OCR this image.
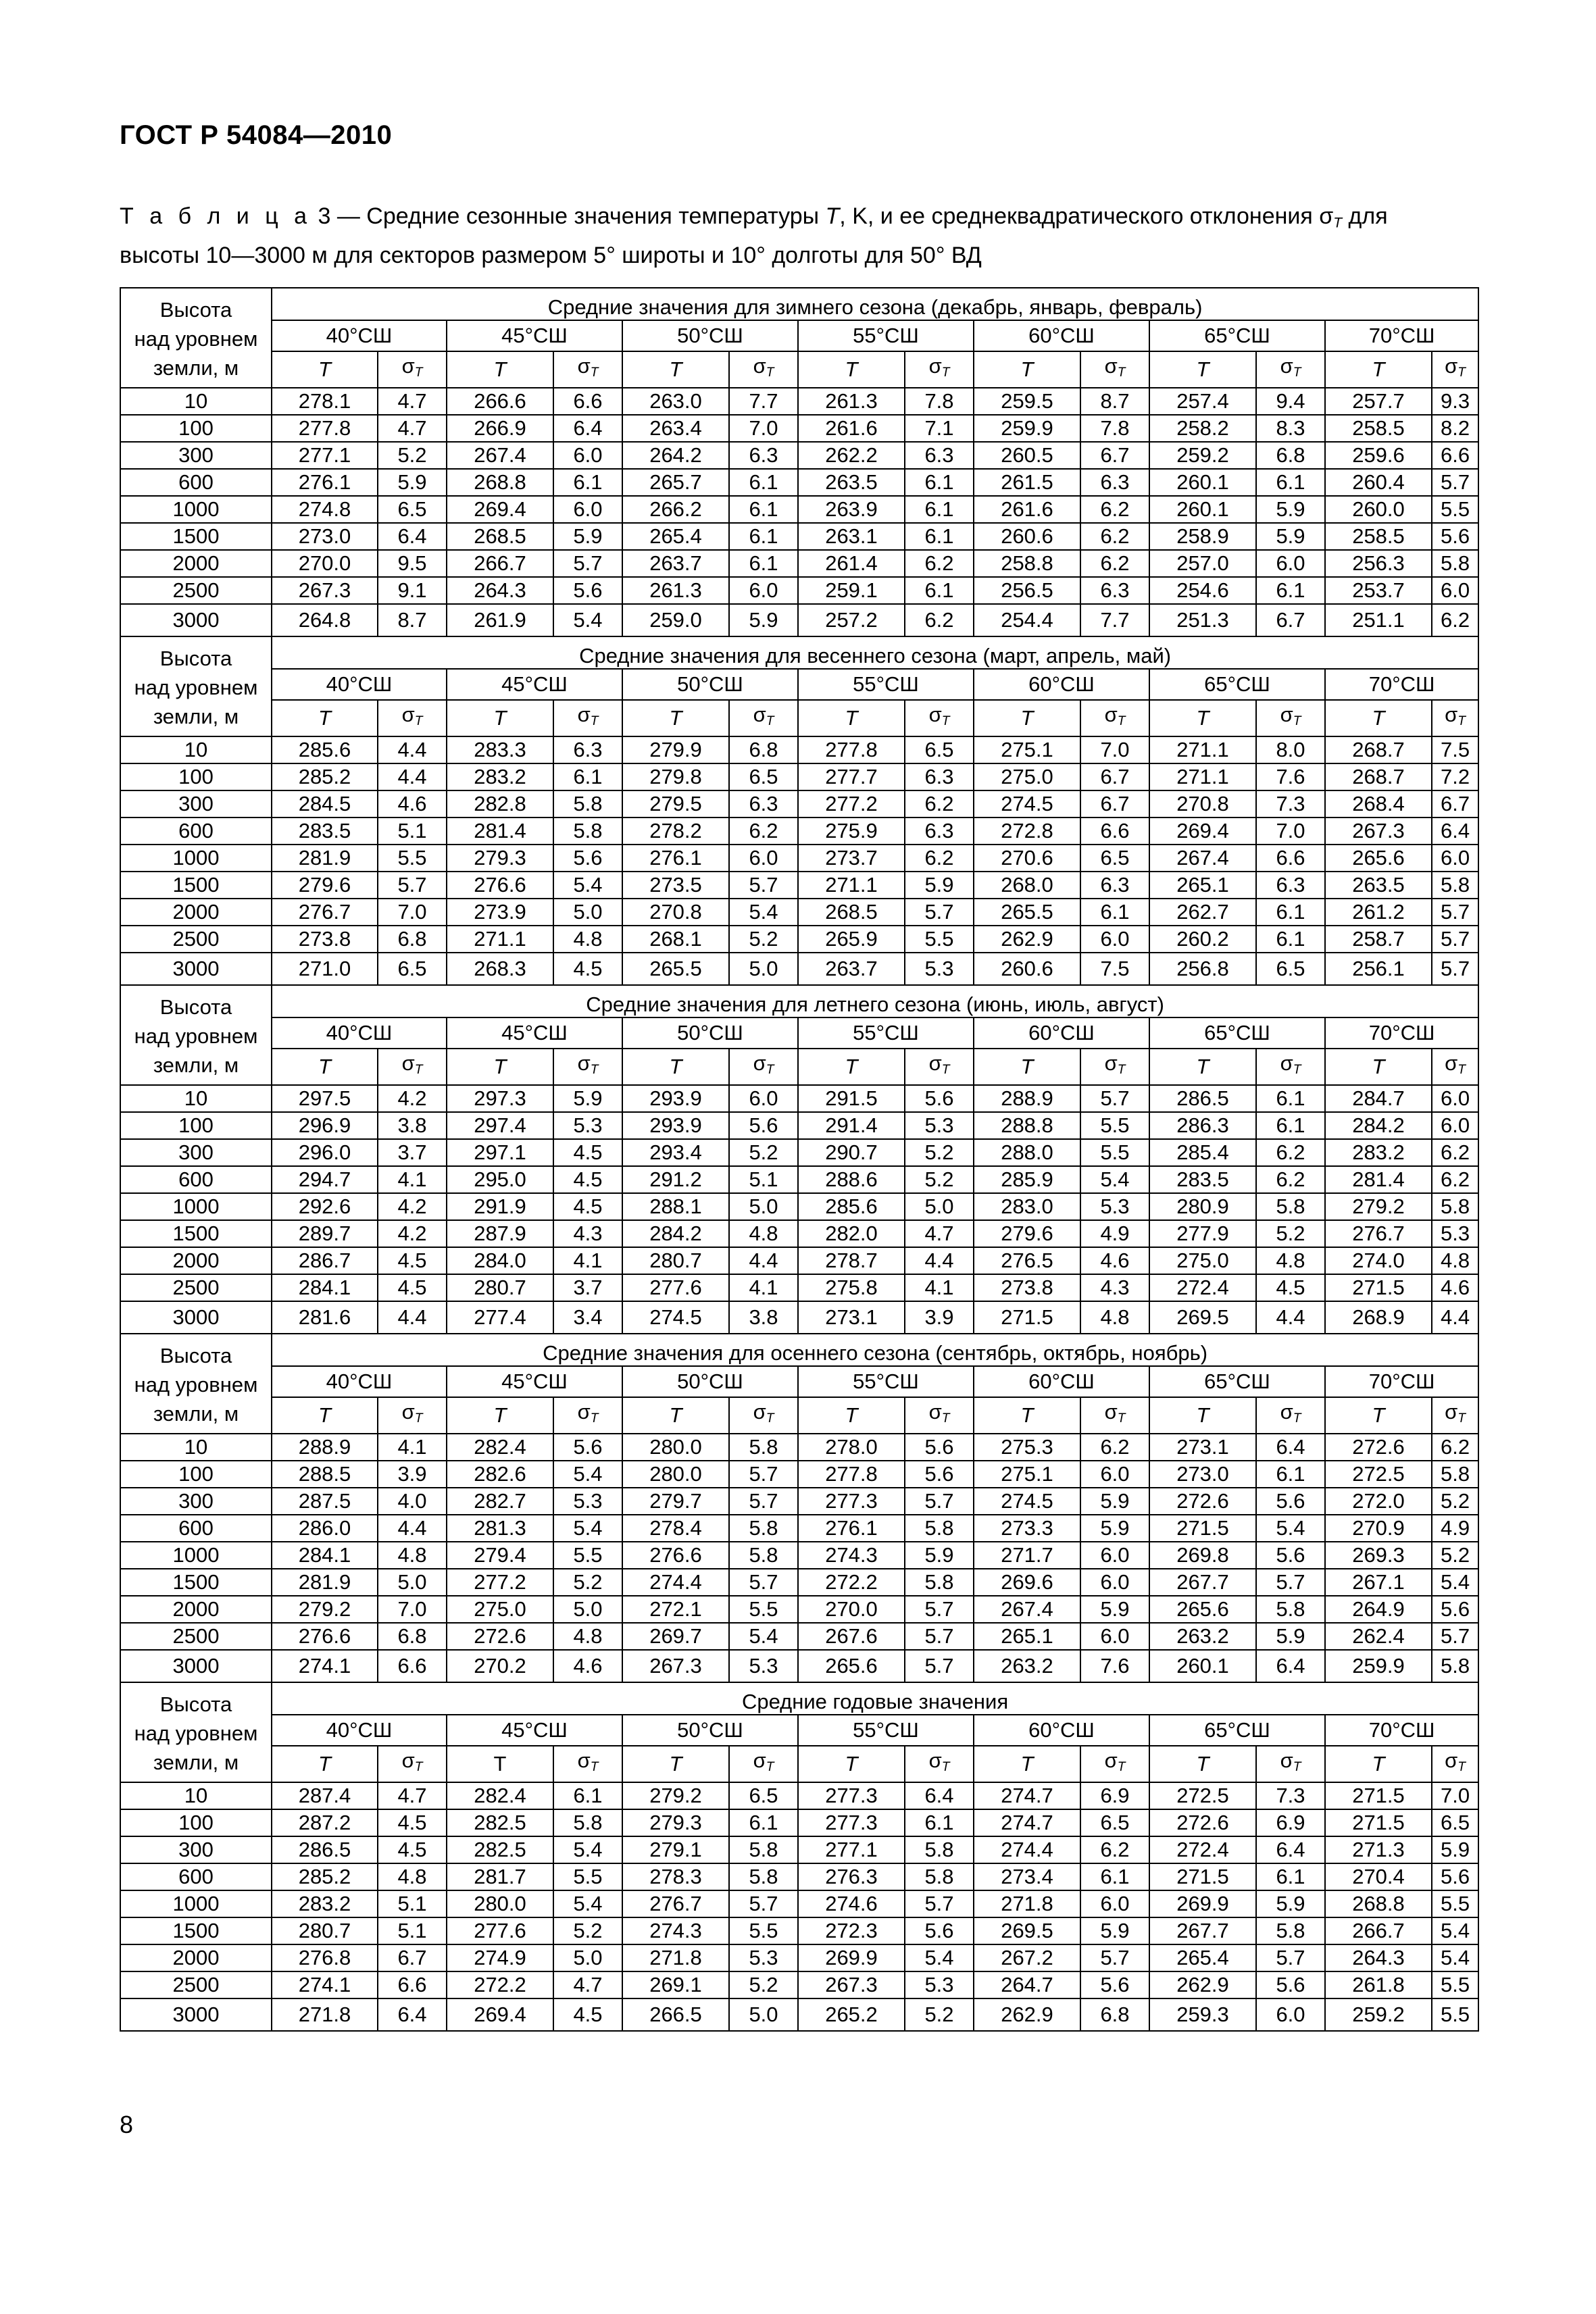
ГОСТ Р 54084—2010
Т а б л и ц а 3 — Средние сезонные значения температуры T, K, и ее среднеквадратического отклонения $\sigma_T$ для
высоты 10—3000 м для секторов размером 5° широты и 10° долготы для 50° ВД
Высота
над уровнем
земли, м	Средние значения для зимнего сезона (декабрь, январь, февраль)													
	40°СШ		45°СШ		50°СШ		55°СШ		60°СШ		65°СШ		70°СШ	
	T	$\sigma_T$	T	$\sigma_T$	T	$\sigma_T$	T	$\sigma_T$	T	$\sigma_T$	T	$\sigma_T$	T	$\sigma_T$
10	278.1	4.7	266.6	6.6	263.0	7.7	261.3	7.8	259.5	8.7	257.4	9.4	257.7	9.3
100	277.8	4.7	266.9	6.4	263.4	7.0	261.6	7.1	259.9	7.8	258.2	8.3	258.5	8.2
300	277.1	5.2	267.4	6.0	264.2	6.3	262.2	6.3	260.5	6.7	259.2	6.8	259.6	6.6
600	276.1	5.9	268.8	6.1	265.7	6.1	263.5	6.1	261.5	6.3	260.1	6.1	260.4	5.7
1000	274.8	6.5	269.4	6.0	266.2	6.1	263.9	6.1	261.6	6.2	260.1	5.9	260.0	5.5
1500	273.0	6.4	268.5	5.9	265.4	6.1	263.1	6.1	260.6	6.2	258.9	5.9	258.5	5.6
2000	270.0	9.5	266.7	5.7	263.7	6.1	261.4	6.2	258.8	6.2	257.0	6.0	256.3	5.8
2500	267.3	9.1	264.3	5.6	261.3	6.0	259.1	6.1	256.5	6.3	254.6	6.1	253.7	6.0
3000	264.8	8.7	261.9	5.4	259.0	5.9	257.2	6.2	254.4	7.7	251.3	6.7	251.1	6.2

Высота
над уровнем
земли, м	Средние значения для весеннего сезона (март, апрель, май)													
	40°СШ		45°СШ		50°СШ		55°СШ		60°СШ		65°СШ		70°СШ	
	T	$\sigma_T$	T	$\sigma_T$	T	$\sigma_T$	T	$\sigma_T$	T	$\sigma_T$	T	$\sigma_T$	T	$\sigma_T$
10	285.6	4.4	283.3	6.3	279.9	6.8	277.8	6.5	275.1	7.0	271.1	8.0	268.7	7.5
100	285.2	4.4	283.2	6.1	279.8	6.5	277.7	6.3	275.0	6.7	271.1	7.6	268.7	7.2
300	284.5	4.6	282.8	5.8	279.5	6.3	277.2	6.2	274.5	6.7	270.8	7.3	268.4	6.7
600	283.5	5.1	281.4	5.8	278.2	6.2	275.9	6.3	272.8	6.6	269.4	7.0	267.3	6.4
1000	281.9	5.5	279.3	5.6	276.1	6.0	273.7	6.2	270.6	6.5	267.4	6.6	265.6	6.0
1500	279.6	5.7	276.6	5.4	273.5	5.7	271.1	5.9	268.0	6.3	265.1	6.3	263.5	5.8
2000	276.7	7.0	273.9	5.0	270.8	5.4	268.5	5.7	265.5	6.1	262.7	6.1	261.2	5.7
2500	273.8	6.8	271.1	4.8	268.1	5.2	265.9	5.5	262.9	6.0	260.2	6.1	258.7	5.7
3000	271.0	6.5	268.3	4.5	265.5	5.0	263.7	5.3	260.6	7.5	256.8	6.5	256.1	5.7

Высота
над уровнем
земли, м	Средние значения для летнего сезона (июнь, июль, август)													
	40°СШ		45°СШ		50°СШ		55°СШ		60°СШ		65°СШ		70°СШ	
	T	$\sigma_T$	T	$\sigma_T$	T	$\sigma_T$	T	$\sigma_T$	T	$\sigma_T$	T	$\sigma_T$	T	$\sigma_T$
10	297.5	4.2	297.3	5.9	293.9	6.0	291.5	5.6	288.9	5.7	286.5	6.1	284.7	6.0
100	296.9	3.8	297.4	5.3	293.9	5.6	291.4	5.3	288.8	5.5	286.3	6.1	284.2	6.0
300	296.0	3.7	297.1	4.5	293.4	5.2	290.7	5.2	288.0	5.5	285.4	6.2	283.2	6.2
600	294.7	4.1	295.0	4.5	291.2	5.1	288.6	5.2	285.9	5.4	283.5	6.2	281.4	6.2
1000	292.6	4.2	291.9	4.5	288.1	5.0	285.6	5.0	283.0	5.3	280.9	5.8	279.2	5.8
1500	289.7	4.2	287.9	4.3	284.2	4.8	282.0	4.7	279.6	4.9	277.9	5.2	276.7	5.3
2000	286.7	4.5	284.0	4.1	280.7	4.4	278.7	4.4	276.5	4.6	275.0	4.8	274.0	4.8
2500	284.1	4.5	280.7	3.7	277.6	4.1	275.8	4.1	273.8	4.3	272.4	4.5	271.5	4.6
3000	281.6	4.4	277.4	3.4	274.5	3.8	273.1	3.9	271.5	4.8	269.5	4.4	268.9	4.4

Высота
над уровнем
земли, м	Средние значения для осеннего сезона (сентябрь, октябрь, ноябрь)													
	40°СШ		45°СШ		50°СШ		55°СШ		60°СШ		65°СШ		70°СШ	
	T	$\sigma_T$	T	$\sigma_T$	T	$\sigma_T$	T	$\sigma_T$	T	$\sigma_T$	T	$\sigma_T$	T	$\sigma_T$
10	288.9	4.1	282.4	5.6	280.0	5.8	278.0	5.6	275.3	6.2	273.1	6.4	272.6	6.2
100	288.5	3.9	282.6	5.4	280.0	5.7	277.8	5.6	275.1	6.0	273.0	6.1	272.5	5.8
300	287.5	4.0	282.7	5.3	279.7	5.7	277.3	5.7	274.5	5.9	272.6	5.6	272.0	5.2
600	286.0	4.4	281.3	5.4	278.4	5.8	276.1	5.8	273.3	5.9	271.5	5.4	270.9	4.9
1000	284.1	4.8	279.4	5.5	276.6	5.8	274.3	5.9	271.7	6.0	269.8	5.6	269.3	5.2
1500	281.9	5.0	277.2	5.2	274.4	5.7	272.2	5.8	269.6	6.0	267.7	5.7	267.1	5.4
2000	279.2	7.0	275.0	5.0	272.1	5.5	270.0	5.7	267.4	5.9	265.6	5.8	264.9	5.6
2500	276.6	6.8	272.6	4.8	269.7	5.4	267.6	5.7	265.1	6.0	263.2	5.9	262.4	5.7
3000	274.1	6.6	270.2	4.6	267.3	5.3	265.6	5.7	263.2	7.6	260.1	6.4	259.9	5.8

Высота
над уровнем
земли, м	Средние годовые значения													
	40°СШ		45°СШ		50°СШ		55°СШ		60°СШ		65°СШ		70°СШ	
	T	$\sigma_T$	Т	$\sigma_T$	T	$\sigma_T$	T	$\sigma_T$	T	$\sigma_T$	T	$\sigma_T$	T	$\sigma_T$
10	287.4	4.7	282.4	6.1	279.2	6.5	277.3	6.4	274.7	6.9	272.5	7.3	271.5	7.0
100	287.2	4.5	282.5	5.8	279.3	6.1	277.3	6.1	274.7	6.5	272.6	6.9	271.5	6.5
300	286.5	4.5	282.5	5.4	279.1	5.8	277.1	5.8	274.4	6.2	272.4	6.4	271.3	5.9
600	285.2	4.8	281.7	5.5	278.3	5.8	276.3	5.8	273.4	6.1	271.5	6.1	270.4	5.6
1000	283.2	5.1	280.0	5.4	276.7	5.7	274.6	5.7	271.8	6.0	269.9	5.9	268.8	5.5
1500	280.7	5.1	277.6	5.2	274.3	5.5	272.3	5.6	269.5	5.9	267.7	5.8	266.7	5.4
2000	276.8	6.7	274.9	5.0	271.8	5.3	269.9	5.4	267.2	5.7	265.4	5.7	264.3	5.4
2500	274.1	6.6	272.2	4.7	269.1	5.2	267.3	5.3	264.7	5.6	262.9	5.6	261.8	5.5
3000	271.8	6.4	269.4	4.5	266.5	5.0	265.2	5.2	262.9	6.8	259.3	6.0	259.2	5.5
8
